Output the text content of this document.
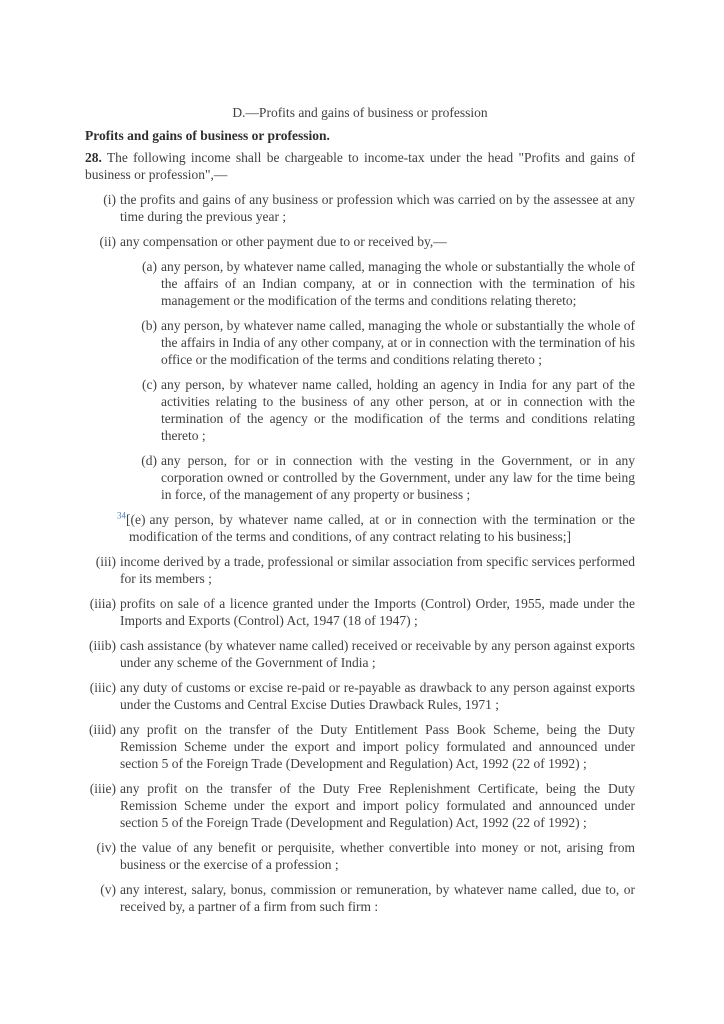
D.—Profits and gains of business or profession
Profits and gains of business or profession.

28. The following income shall be chargeable to income-tax under the head "Profits and gains of business or profession",—

(i) the profits and gains of any business or profession which was carried on by the assessee at any time during the previous year ;

(ii) any compensation or other payment due to or received by,—

(a) any person, by whatever name called, managing the whole or substantially the whole of the affairs of an Indian company, at or in connection with the termination of his management or the modification of the terms and conditions relating thereto;

(b) any person, by whatever name called, managing the whole or substantially the whole of the affairs in India of any other company, at or in connection with the termination of his office or the modification of the terms and conditions relating thereto ;

(c) any person, by whatever name called, holding an agency in India for any part of the activities relating to the business of any other person, at or in connection with the termination of the agency or the modification of the terms and conditions relating thereto ;

(d) any person, for or in connection with the vesting in the Government, or in any corporation owned or controlled by the Government, under any law for the time being in force, of the management of any property or business ;

$^{34}$[(e) any person, by whatever name called, at or in connection with the termination or the modification of the terms and conditions, of any contract relating to his business;]

(iii) income derived by a trade, professional or similar association from specific services performed for its members ;

(iiia) profits on sale of a licence granted under the Imports (Control) Order, 1955, made under the Imports and Exports (Control) Act, 1947 (18 of 1947) ;

(iiib) cash assistance (by whatever name called) received or receivable by any person against exports under any scheme of the Government of India ;

(iiic) any duty of customs or excise re-paid or re-payable as drawback to any person against exports under the Customs and Central Excise Duties Drawback Rules, 1971 ;

(iiid) any profit on the transfer of the Duty Entitlement Pass Book Scheme, being the Duty Remission Scheme under the export and import policy formulated and announced under section 5 of the Foreign Trade (Development and Regulation) Act, 1992 (22 of 1992) ;

(iiie) any profit on the transfer of the Duty Free Replenishment Certificate, being the Duty Remission Scheme under the export and import policy formulated and announced under section 5 of the Foreign Trade (Development and Regulation) Act, 1992 (22 of 1992) ;

(iv) the value of any benefit or perquisite, whether convertible into money or not, arising from business or the exercise of a profession ;

(v) any interest, salary, bonus, commission or remuneration, by whatever name called, due to, or received by, a partner of a firm from such firm :
